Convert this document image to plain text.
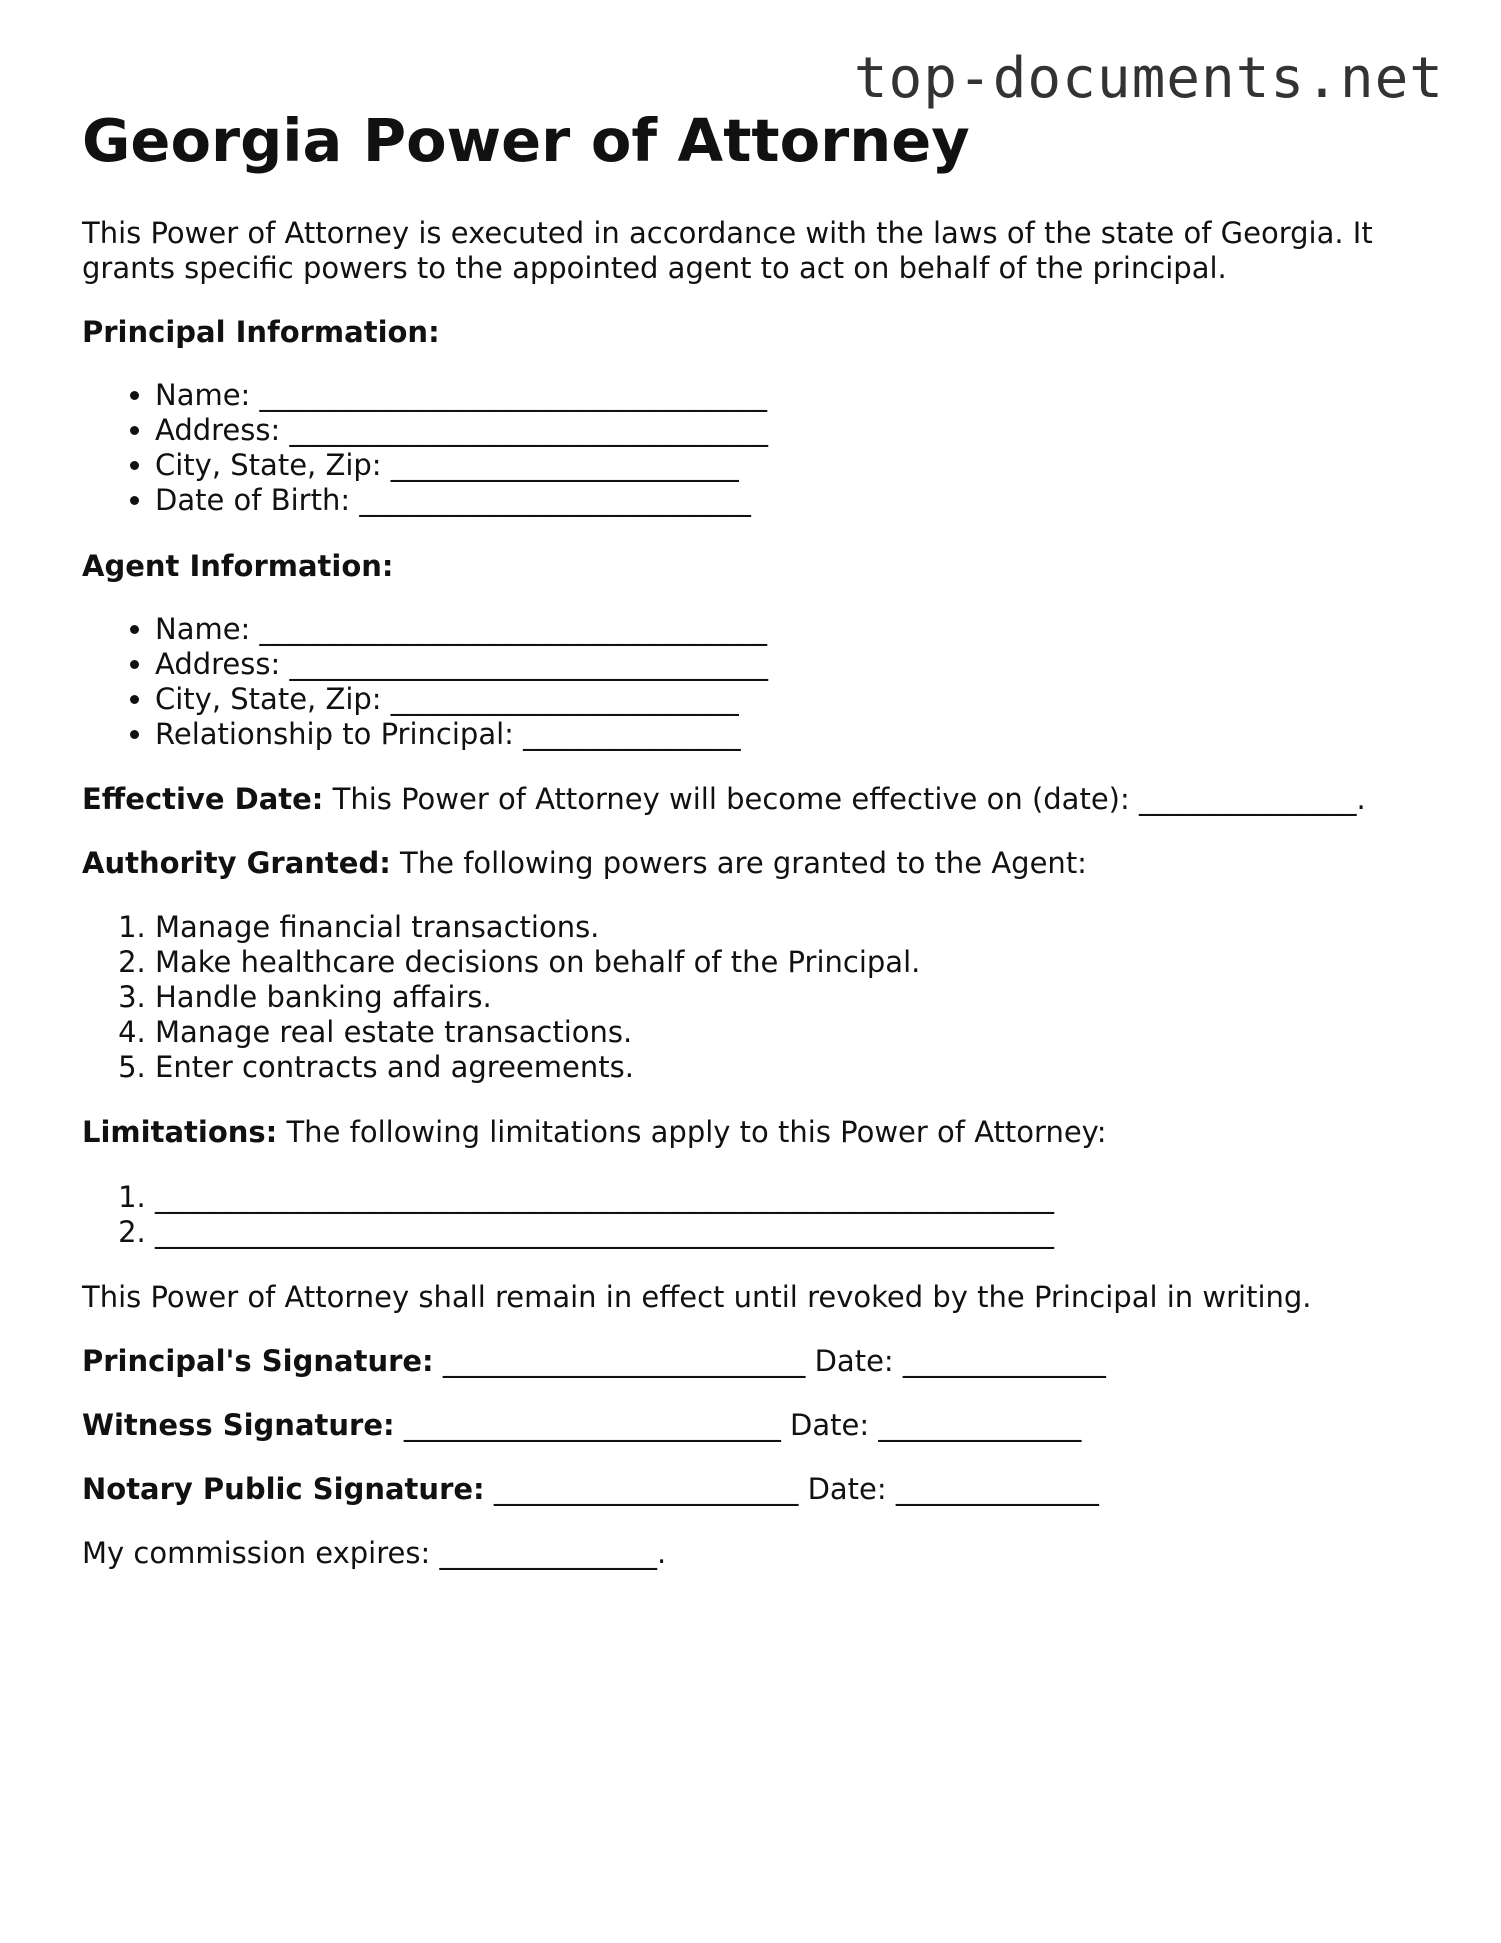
top-documents.net
Georgia Power of Attorney

This Power of Attorney is executed in accordance with the laws of the state of Georgia. It
grants specific powers to the appointed agent to act on behalf of the principal.

Principal Information:

• Name: ___________________________________
• Address: _________________________________
• City, State, Zip: ________________________
• Date of Birth: ___________________________

Agent Information:

• Name: ___________________________________
• Address: _________________________________
• City, State, Zip: ________________________
• Relationship to Principal: _______________

Effective Date: This Power of Attorney will become effective on (date): _______________.

Authority Granted: The following powers are granted to the Agent:

1. Manage financial transactions.
2. Make healthcare decisions on behalf of the Principal.
3. Handle banking affairs.
4. Manage real estate transactions.
5. Enter contracts and agreements.

Limitations: The following limitations apply to this Power of Attorney:

1. ______________________________________________________________
2. ______________________________________________________________

This Power of Attorney shall remain in effect until revoked by the Principal in writing.

Principal's Signature: _________________________ Date: ______________

Witness Signature: __________________________ Date: ______________

Notary Public Signature: _____________________ Date: ______________

My commission expires: _______________.
